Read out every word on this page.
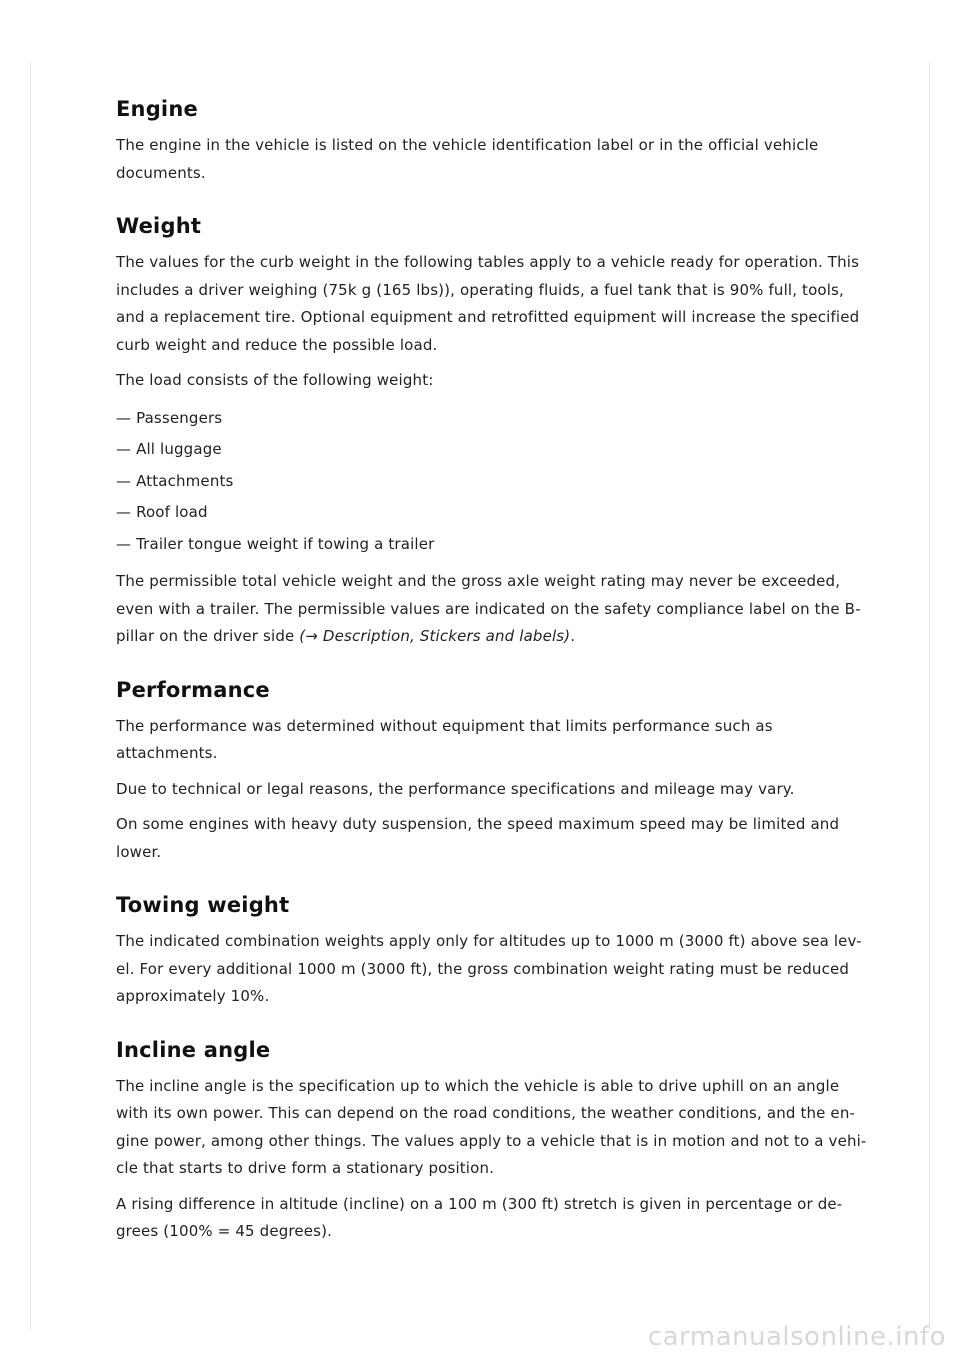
Engine

The engine in the vehicle is listed on the vehicle identification label or in the official vehicle documents.

Weight

The values for the curb weight in the following tables apply to a vehicle ready for operation. This includes a driver weighing (75k g (165 lbs)), operating fluids, a fuel tank that is 90% full, tools, and a replacement tire. Optional equipment and retrofitted equipment will increase the specified curb weight and reduce the possible load.

The load consists of the following weight:

— Passengers
— All luggage
— Attachments
— Roof load
— Trailer tongue weight if towing a trailer

The permissible total vehicle weight and the gross axle weight rating may never be exceeded, even with a trailer. The permissible values are indicated on the safety compliance label on the B-pillar on the driver side (→ Description, Stickers and labels).

Performance

The performance was determined without equipment that limits performance such as attachments.

Due to technical or legal reasons, the performance specifications and mileage may vary.

On some engines with heavy duty suspension, the speed maximum speed may be limited and lower.

Towing weight

The indicated combination weights apply only for altitudes up to 1000 m (3000 ft) above sea lev-el. For every additional 1000 m (3000 ft), the gross combination weight rating must be reduced approximately 10%.

Incline angle

The incline angle is the specification up to which the vehicle is able to drive uphill on an angle with its own power. This can depend on the road conditions, the weather conditions, and the en-gine power, among other things. The values apply to a vehicle that is in motion and not to a vehi-cle that starts to drive form a stationary position.

A rising difference in altitude (incline) on a 100 m (300 ft) stretch is given in percentage or de-grees (100% = 45 degrees).

carmanualsonline.info
